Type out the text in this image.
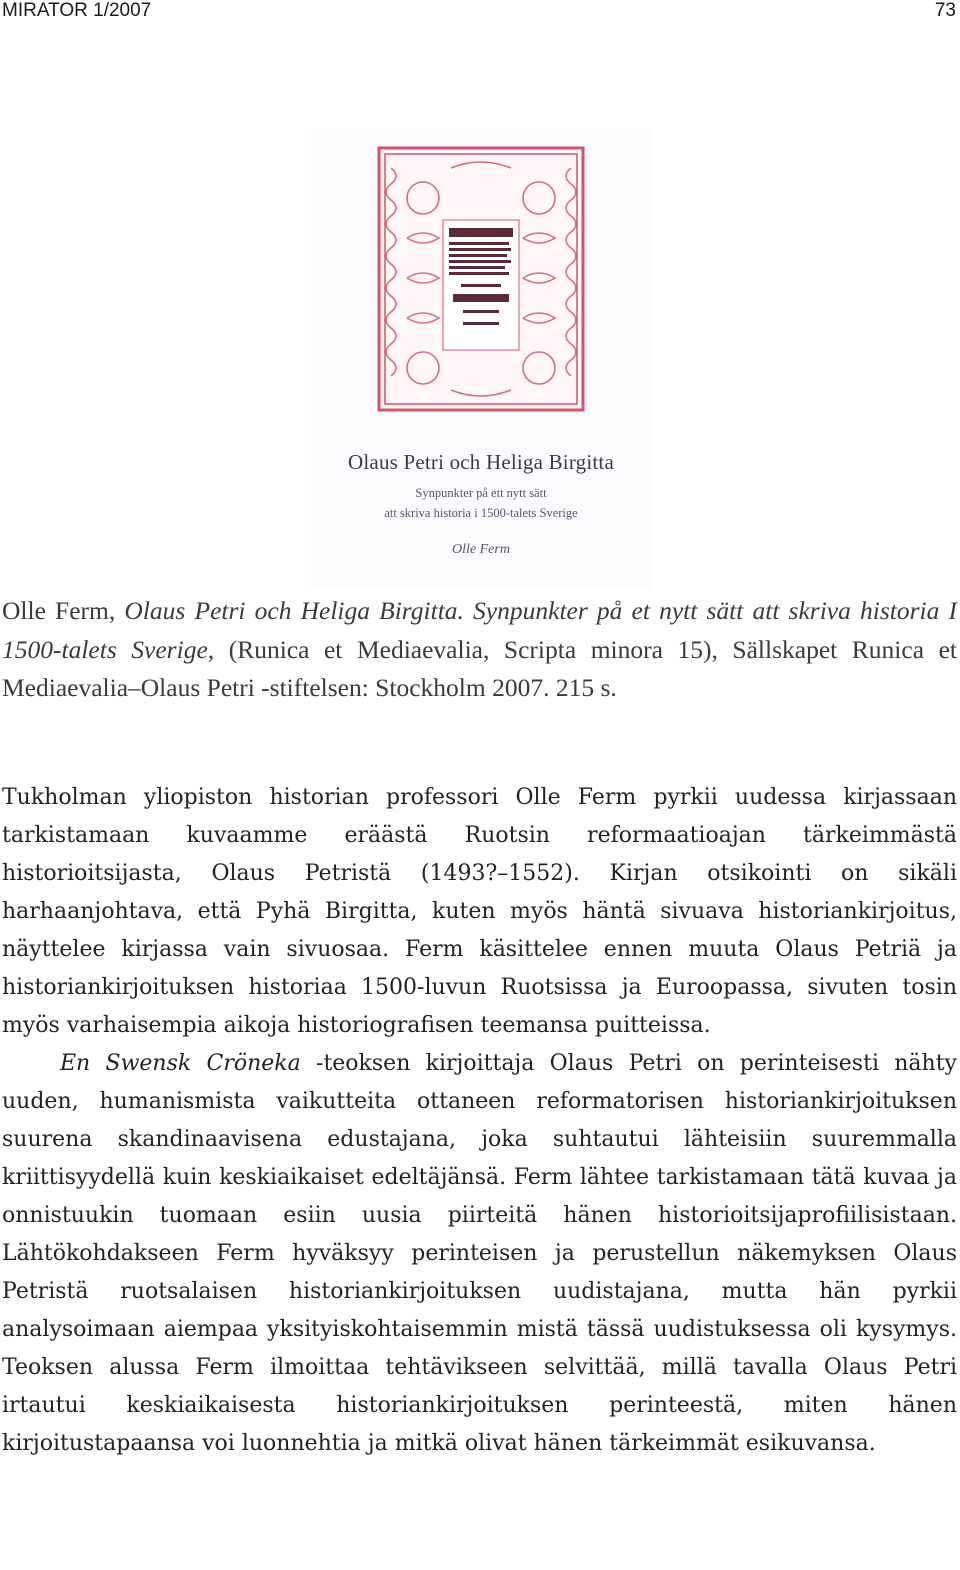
MIRATOR 1/2007	73
Olaus Petri och Heliga Birgitta
Synpunkter på ett nytt sätt
att skriva historia i 1500-talets Sverige
Olle Ferm
Olle Ferm, Olaus Petri och Heliga Birgitta. Synpunkter på et nytt sätt att skriva historia I 1500-talets Sverige, (Runica et Mediaevalia, Scripta minora 15), Sällskapet Runica et Mediaevalia–Olaus Petri -stiftelsen: Stockholm 2007. 215 s.

Tukholman yliopiston historian professori Olle Ferm pyrkii uudessa kirjassaan tarkistamaan kuvaamme eräästä Ruotsin reformaatioajan tärkeimmästä historioitsijasta, Olaus Petristä (1493?–1552). Kirjan otsikointi on sikäli harhaanjohtava, että Pyhä Birgitta, kuten myös häntä sivuava historiankirjoitus, näyttelee kirjassa vain sivuosaa. Ferm käsittelee ennen muuta Olaus Petriä ja historiankirjoituksen historiaa 1500-luvun Ruotsissa ja Euroopassa, sivuten tosin myös varhaisempia aikoja historiografisen teemansa puitteissa.

En Swensk Cröneka -teoksen kirjoittaja Olaus Petri on perinteisesti nähty uuden, humanismista vaikutteita ottaneen reformatorisen historiankirjoituksen suurena skandinaavisena edustajana, joka suhtautui lähteisiin suuremmalla kriittisyydellä kuin keskiaikaiset edeltäjänsä. Ferm lähtee tarkistamaan tätä kuvaa ja onnistuukin tuomaan esiin uusia piirteitä hänen historioitsijaprofiilisistaan. Lähtökohdakseen Ferm hyväksyy perinteisen ja perustellun näkemyksen Olaus Petristä ruotsalaisen historiankirjoituksen uudistajana, mutta hän pyrkii analysoimaan aiempaa yksityiskohtaisemmin mistä tässä uudistuksessa oli kysymys. Teoksen alussa Ferm ilmoittaa tehtävikseen selvittää, millä tavalla Olaus Petri irtautui keskiaikaisesta historiankirjoituksen perinteestä, miten hänen kirjoitustapaansa voi luonnehtia ja mitkä olivat hänen tärkeimmät esikuvansa.
